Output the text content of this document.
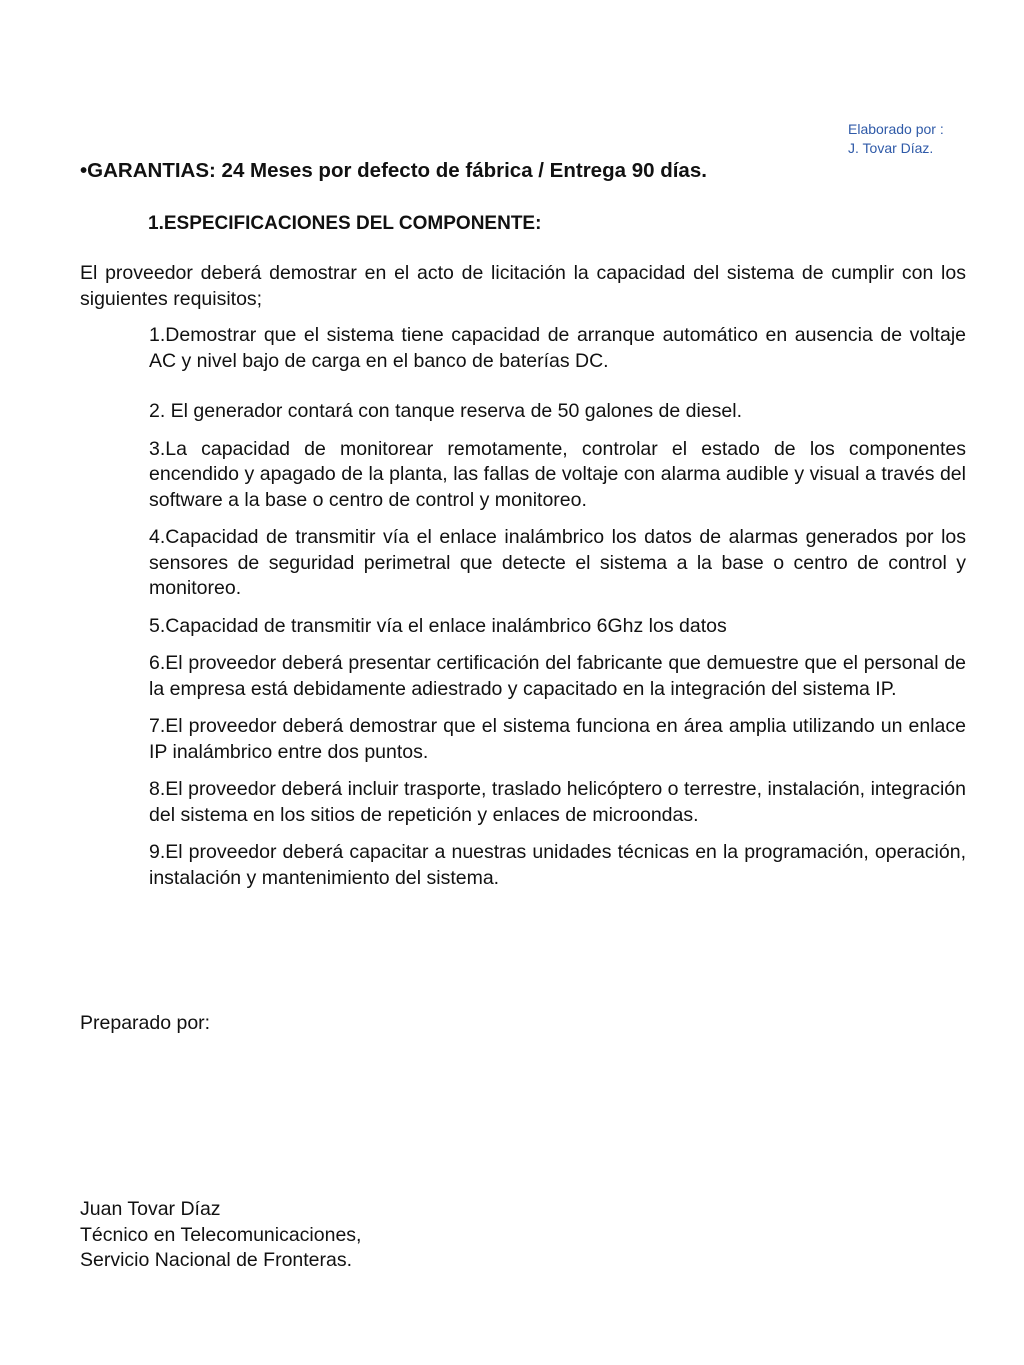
Elaborado por :
J. Tovar Díaz.
•GARANTIAS: 24 Meses por defecto de fábrica / Entrega 90 días.
1.ESPECIFICACIONES DEL COMPONENTE:

El proveedor deberá demostrar en el acto de licitación la capacidad del sistema de cumplir con los siguientes requisitos;

1.Demostrar que el sistema tiene capacidad de arranque automático en ausencia de voltaje AC y nivel bajo de carga en el banco de baterías DC.
2. El generador contará con tanque reserva de 50 galones de diesel.
3.La capacidad de monitorear remotamente, controlar el estado de los componentes encendido y apagado de la planta, las fallas de voltaje con alarma audible y visual a través del software a la base o centro de control y monitoreo.
4.Capacidad de transmitir vía el enlace inalámbrico los datos de alarmas generados por los sensores de seguridad perimetral que detecte el sistema a la base o centro de control y monitoreo.
5.Capacidad de transmitir vía el enlace inalámbrico 6Ghz los datos
6.El proveedor deberá presentar certificación del fabricante que demuestre que el personal de la empresa está debidamente adiestrado y capacitado en la integración del sistema IP.
7.El proveedor deberá demostrar que el sistema funciona en área amplia utilizando un enlace IP inalámbrico entre dos puntos.
8.El proveedor deberá incluir trasporte, traslado helicóptero o terrestre, instalación, integración del sistema en los sitios de repetición y enlaces de microondas.
9.El proveedor deberá capacitar a nuestras unidades técnicas en la programación, operación, instalación y mantenimiento del sistema.
Preparado por:
Juan Tovar Díaz
Técnico en Telecomunicaciones,
Servicio Nacional de Fronteras.
